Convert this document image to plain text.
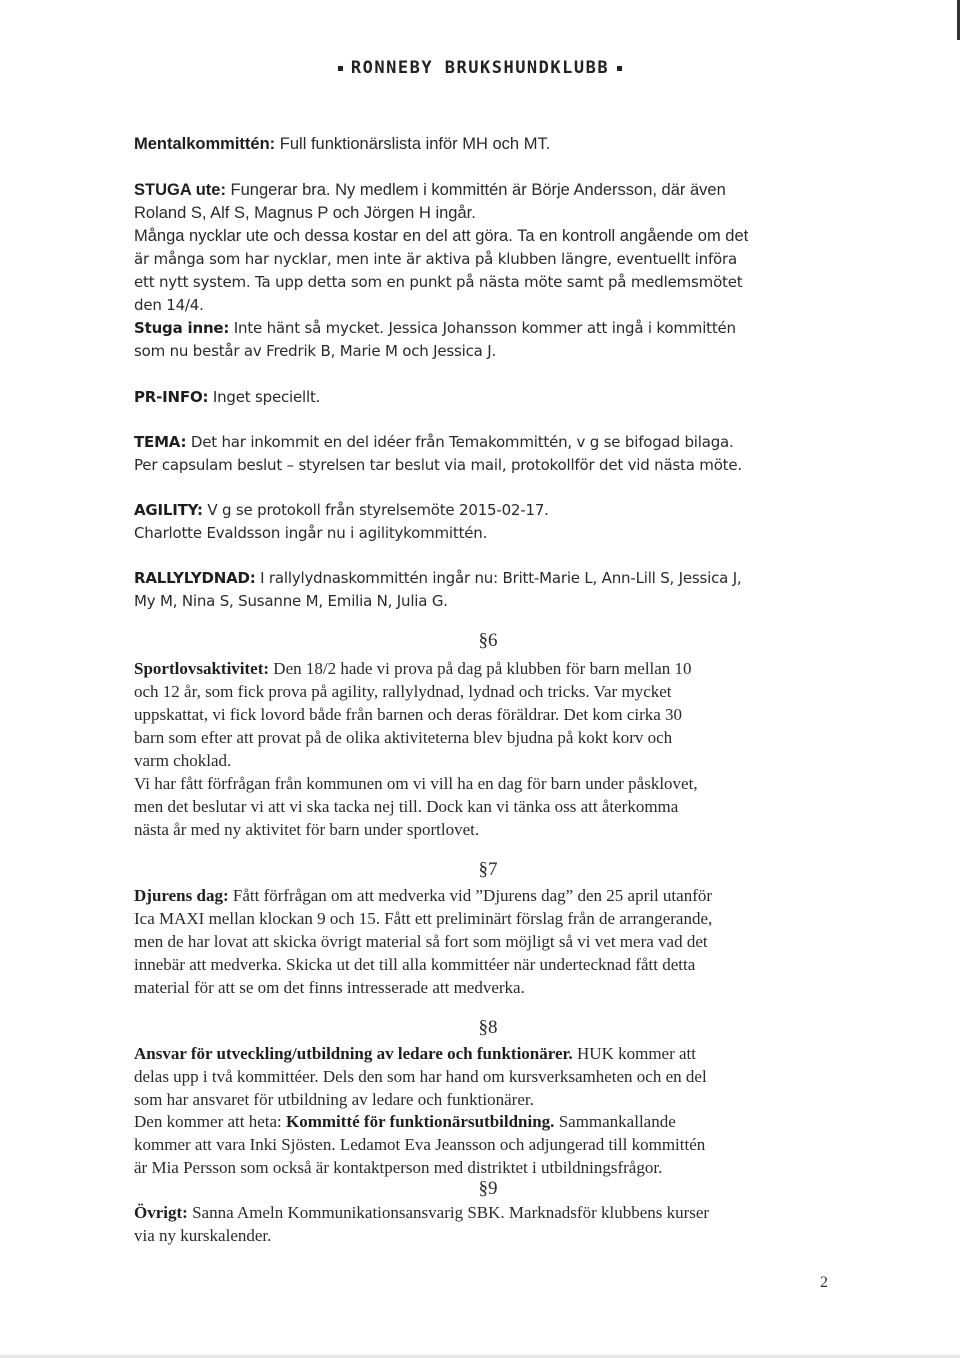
RONNEBY BRUKSHUNDKLUBB
Mentalkommittén: Full funktionärslista inför MH och MT.
STUGA ute: Fungerar bra. Ny medlem i kommittén är Börje Andersson, där även
Roland S, Alf S, Magnus P och Jörgen H ingår.
Många nycklar ute och dessa kostar en del att göra. Ta en kontroll angående om det
är många som har nycklar, men inte är aktiva på klubben längre, eventuellt införa
ett nytt system. Ta upp detta som en punkt på nästa möte samt på medlemsmötet
den 14/4.
Stuga inne: Inte hänt så mycket. Jessica Johansson kommer att ingå i kommittén
som nu består av Fredrik B, Marie M och Jessica J.
PR-INFO: Inget speciellt.
TEMA: Det har inkommit en del idéer från Temakommittén, v g se bifogad bilaga.
Per capsulam beslut – styrelsen tar beslut via mail, protokollför det vid nästa möte.
AGILITY: V g se protokoll från styrelsemöte 2015-02-17.
Charlotte Evaldsson ingår nu i agilitykommittén.
RALLYLYDNAD: I rallylydnaskommittén ingår nu: Britt-Marie L, Ann-Lill S, Jessica J,
My M, Nina S, Susanne M, Emilia N, Julia G.
§6
Sportlovsaktivitet: Den 18/2 hade vi prova på dag på klubben för barn mellan 10
och 12 år, som fick prova på agility, rallylydnad, lydnad och tricks. Var mycket
uppskattat, vi fick lovord både från barnen och deras föräldrar. Det kom cirka 30
barn som efter att provat på de olika aktiviteterna blev bjudna på kokt korv och
varm choklad.
Vi har fått förfrågan från kommunen om vi vill ha en dag för barn under påsklovet,
men det beslutar vi att vi ska tacka nej till. Dock kan vi tänka oss att återkomma
nästa år med ny aktivitet för barn under sportlovet.
§7
Djurens dag: Fått förfrågan om att medverka vid ”Djurens dag” den 25 april utanför
Ica MAXI mellan klockan 9 och 15. Fått ett preliminärt förslag från de arrangerande,
men de har lovat att skicka övrigt material så fort som möjligt så vi vet mera vad det
innebär att medverka. Skicka ut det till alla kommittéer när undertecknad fått detta
material för att se om det finns intresserade att medverka.
§8
Ansvar för utveckling/utbildning av ledare och funktionärer. HUK kommer att
delas upp i två kommittéer. Dels den som har hand om kursverksamheten och en del
som har ansvaret för utbildning av ledare och funktionärer.
Den kommer att heta: Kommitté för funktionärsutbildning. Sammankallande
kommer att vara Inki Sjösten. Ledamot Eva Jeansson och adjungerad till kommittén
är Mia Persson som också är kontaktperson med distriktet i utbildningsfrågor.
§9
Övrigt: Sanna Ameln Kommunikationsansvarig SBK. Marknadsför klubbens kurser
via ny kurskalender.
2
